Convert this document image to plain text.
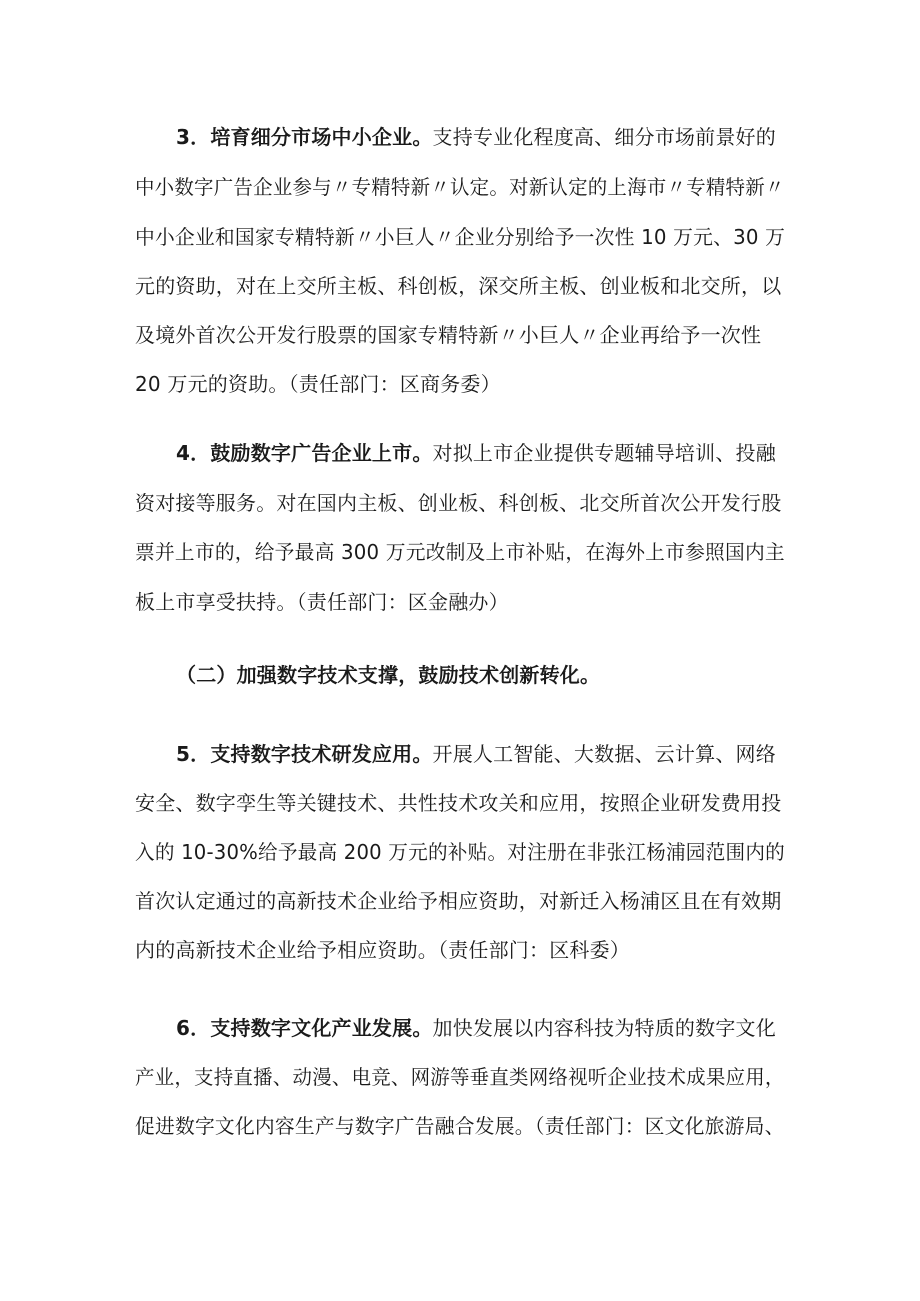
3．培育细分市场中小企业。支持专业化程度高、细分市场前景好的
中小数字广告企业参与〃专精特新〃认定。对新认定的上海市〃专精特新〃
中小企业和国家专精特新〃小巨人〃企业分别给予一次性 10 万元、30 万
元的资助，对在上交所主板、科创板，深交所主板、创业板和北交所，以
及境外首次公开发行股票的国家专精特新〃小巨人〃企业再给予一次性
20 万元的资助。（责任部门：区商务委）
4．鼓励数字广告企业上市。对拟上市企业提供专题辅导培训、投融
资对接等服务。对在国内主板、创业板、科创板、北交所首次公开发行股
票并上市的，给予最高 300 万元改制及上市补贴，在海外上市参照国内主
板上市享受扶持。（责任部门：区金融办）
（二）加强数字技术支撑，鼓励技术创新转化。
5．支持数字技术研发应用。开展人工智能、大数据、云计算、网络
安全、数字孪生等关键技术、共性技术攻关和应用，按照企业研发费用投
入的 10-30%给予最高 200 万元的补贴。对注册在非张江杨浦园范围内的
首次认定通过的高新技术企业给予相应资助，对新迁入杨浦区且在有效期
内的高新技术企业给予相应资助。（责任部门：区科委）
6．支持数字文化产业发展。加快发展以内容科技为特质的数字文化
产业，支持直播、动漫、电竞、网游等垂直类网络视听企业技术成果应用，
促进数字文化内容生产与数字广告融合发展。（责任部门：区文化旅游局、
